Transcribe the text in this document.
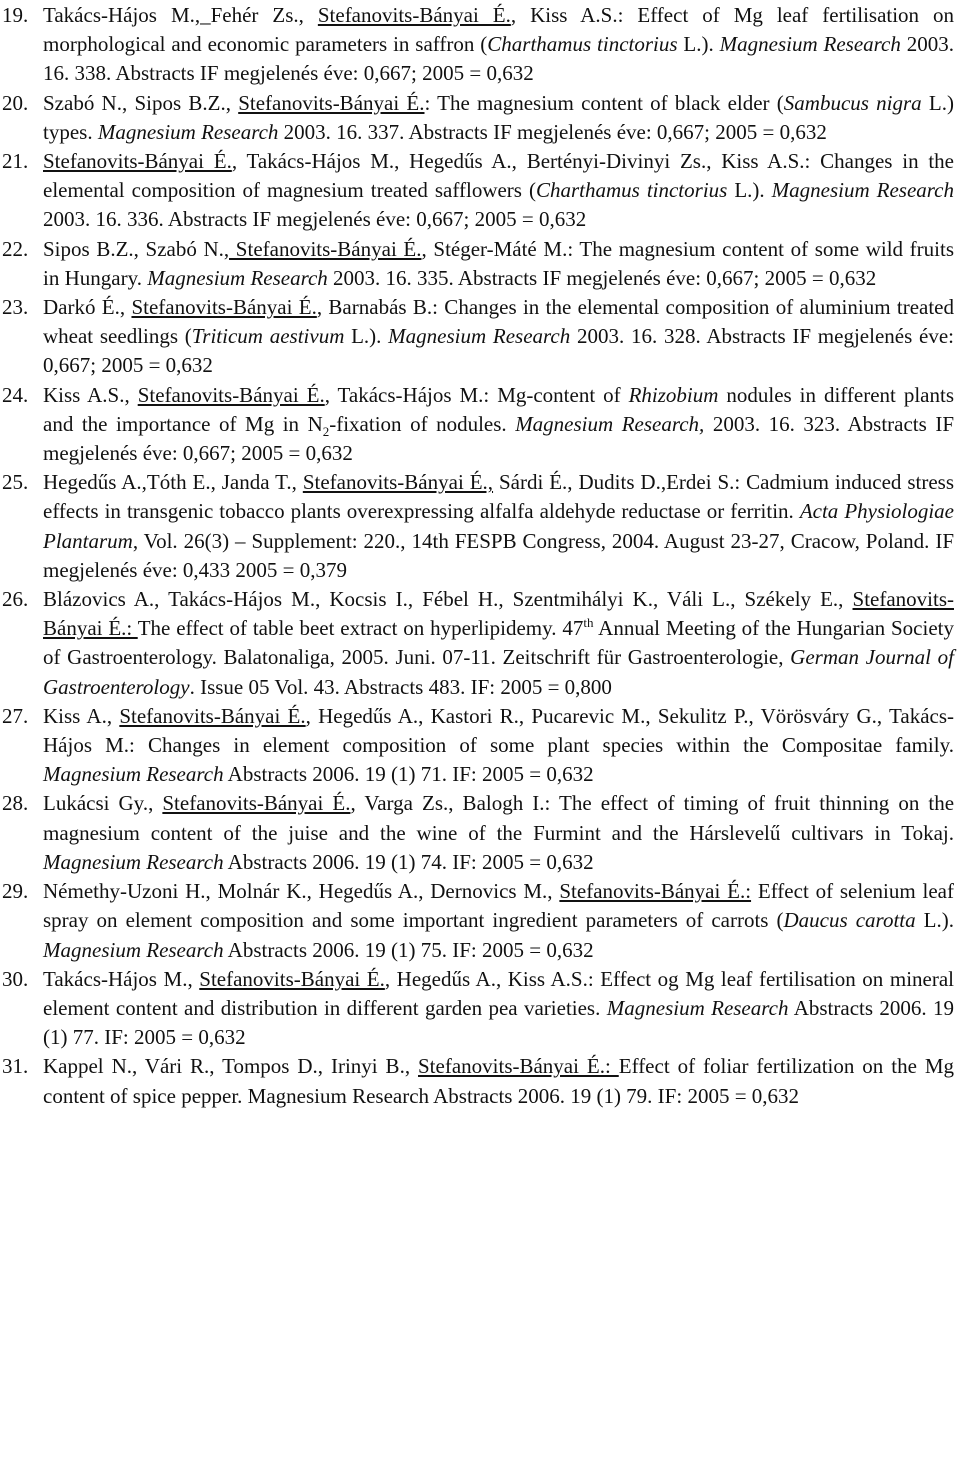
19. Takács-Hájos M.,_Fehér Zs., Stefanovits-Bányai É., Kiss A.S.: Effect of Mg leaf fertilisation on morphological and economic parameters in saffron (Charthamus tinctorius L.). Magnesium Research 2003. 16. 338. Abstracts IF megjelenés éve: 0,667; 2005 = 0,632
20. Szabó N., Sipos B.Z., Stefanovits-Bányai É.: The magnesium content of black elder (Sambucus nigra L.) types. Magnesium Research 2003. 16. 337. Abstracts IF megjelenés éve: 0,667; 2005 = 0,632
21. Stefanovits-Bányai É., Takács-Hájos M., Hegedűs A., Bertényi-Divinyi Zs., Kiss A.S.: Changes in the elemental composition of magnesium treated safflowers (Charthamus tinctorius L.). Magnesium Research 2003. 16. 336. Abstracts IF megjelenés éve: 0,667; 2005 = 0,632
22. Sipos B.Z., Szabó N., Stefanovits-Bányai É., Stéger-Máté M.: The magnesium content of some wild fruits in Hungary. Magnesium Research 2003. 16. 335. Abstracts IF megjelenés éve: 0,667; 2005 = 0,632
23. Darkó É., Stefanovits-Bányai É., Barnabás B.: Changes in the elemental composition of aluminium treated wheat seedlings (Triticum aestivum L.). Magnesium Research 2003. 16. 328. Abstracts IF megjelenés éve: 0,667; 2005 = 0,632
24. Kiss A.S., Stefanovits-Bányai É., Takács-Hájos M.: Mg-content of Rhizobium nodules in different plants and the importance of Mg in $N_2$-fixation of nodules. Magnesium Research, 2003. 16. 323. Abstracts IF megjelenés éve: 0,667; 2005 = 0,632
25. Hegedűs A.,Tóth E., Janda T., Stefanovits-Bányai É., Sárdi É., Dudits D.,Erdei S.: Cadmium induced stress effects in transgenic tobacco plants overexpressing alfalfa aldehyde reductase or ferritin. Acta Physiologiae Plantarum, Vol. 26(3) – Supplement: 220., 14th FESPB Congress, 2004. August 23-27, Cracow, Poland. IF megjelenés éve: 0,433 2005 = 0,379
26. Blázovics A., Takács-Hájos M., Kocsis I., Fébel H., Szentmihályi K., Váli L., Székely E., Stefanovits-Bányai É.: The effect of table beet extract on hyperlipidemy. 47th Annual Meeting of the Hungarian Society of Gastroenterology. Balatonaliga, 2005. Juni. 07-11. Zeitschrift für Gastroenterologie, German Journal of Gastroenterology. Issue 05 Vol. 43. Abstracts 483. IF: 2005 = 0,800
27. Kiss A., Stefanovits-Bányai É., Hegedűs A., Kastori R., Pucarevic M., Sekulitz P., Vörösváry G., Takács-Hájos M.: Changes in element composition of some plant species within the Compositae family. Magnesium Research Abstracts 2006. 19 (1) 71. IF: 2005 = 0,632
28. Lukácsi Gy., Stefanovits-Bányai É., Varga Zs., Balogh I.: The effect of timing of fruit thinning on the magnesium content of the juise and the wine of the Furmint and the Hárslevelű cultivars in Tokaj. Magnesium Research Abstracts 2006. 19 (1) 74. IF: 2005 = 0,632
29. Némethy-Uzoni H., Molnár K., Hegedűs A., Dernovics M., Stefanovits-Bányai É.: Effect of selenium leaf spray on element composition and some important ingredient parameters of carrots (Daucus carotta L.). Magnesium Research Abstracts 2006. 19 (1) 75. IF: 2005 = 0,632
30. Takács-Hájos M., Stefanovits-Bányai É., Hegedűs A., Kiss A.S.: Effect og Mg leaf fertilisation on mineral element content and distribution in different garden pea varieties. Magnesium Research Abstracts 2006. 19 (1) 77. IF: 2005 = 0,632
31. Kappel N., Vári R., Tompos D., Irinyi B., Stefanovits-Bányai É.: Effect of foliar fertilization on the Mg content of spice pepper. Magnesium Research Abstracts 2006. 19 (1) 79. IF: 2005 = 0,632
